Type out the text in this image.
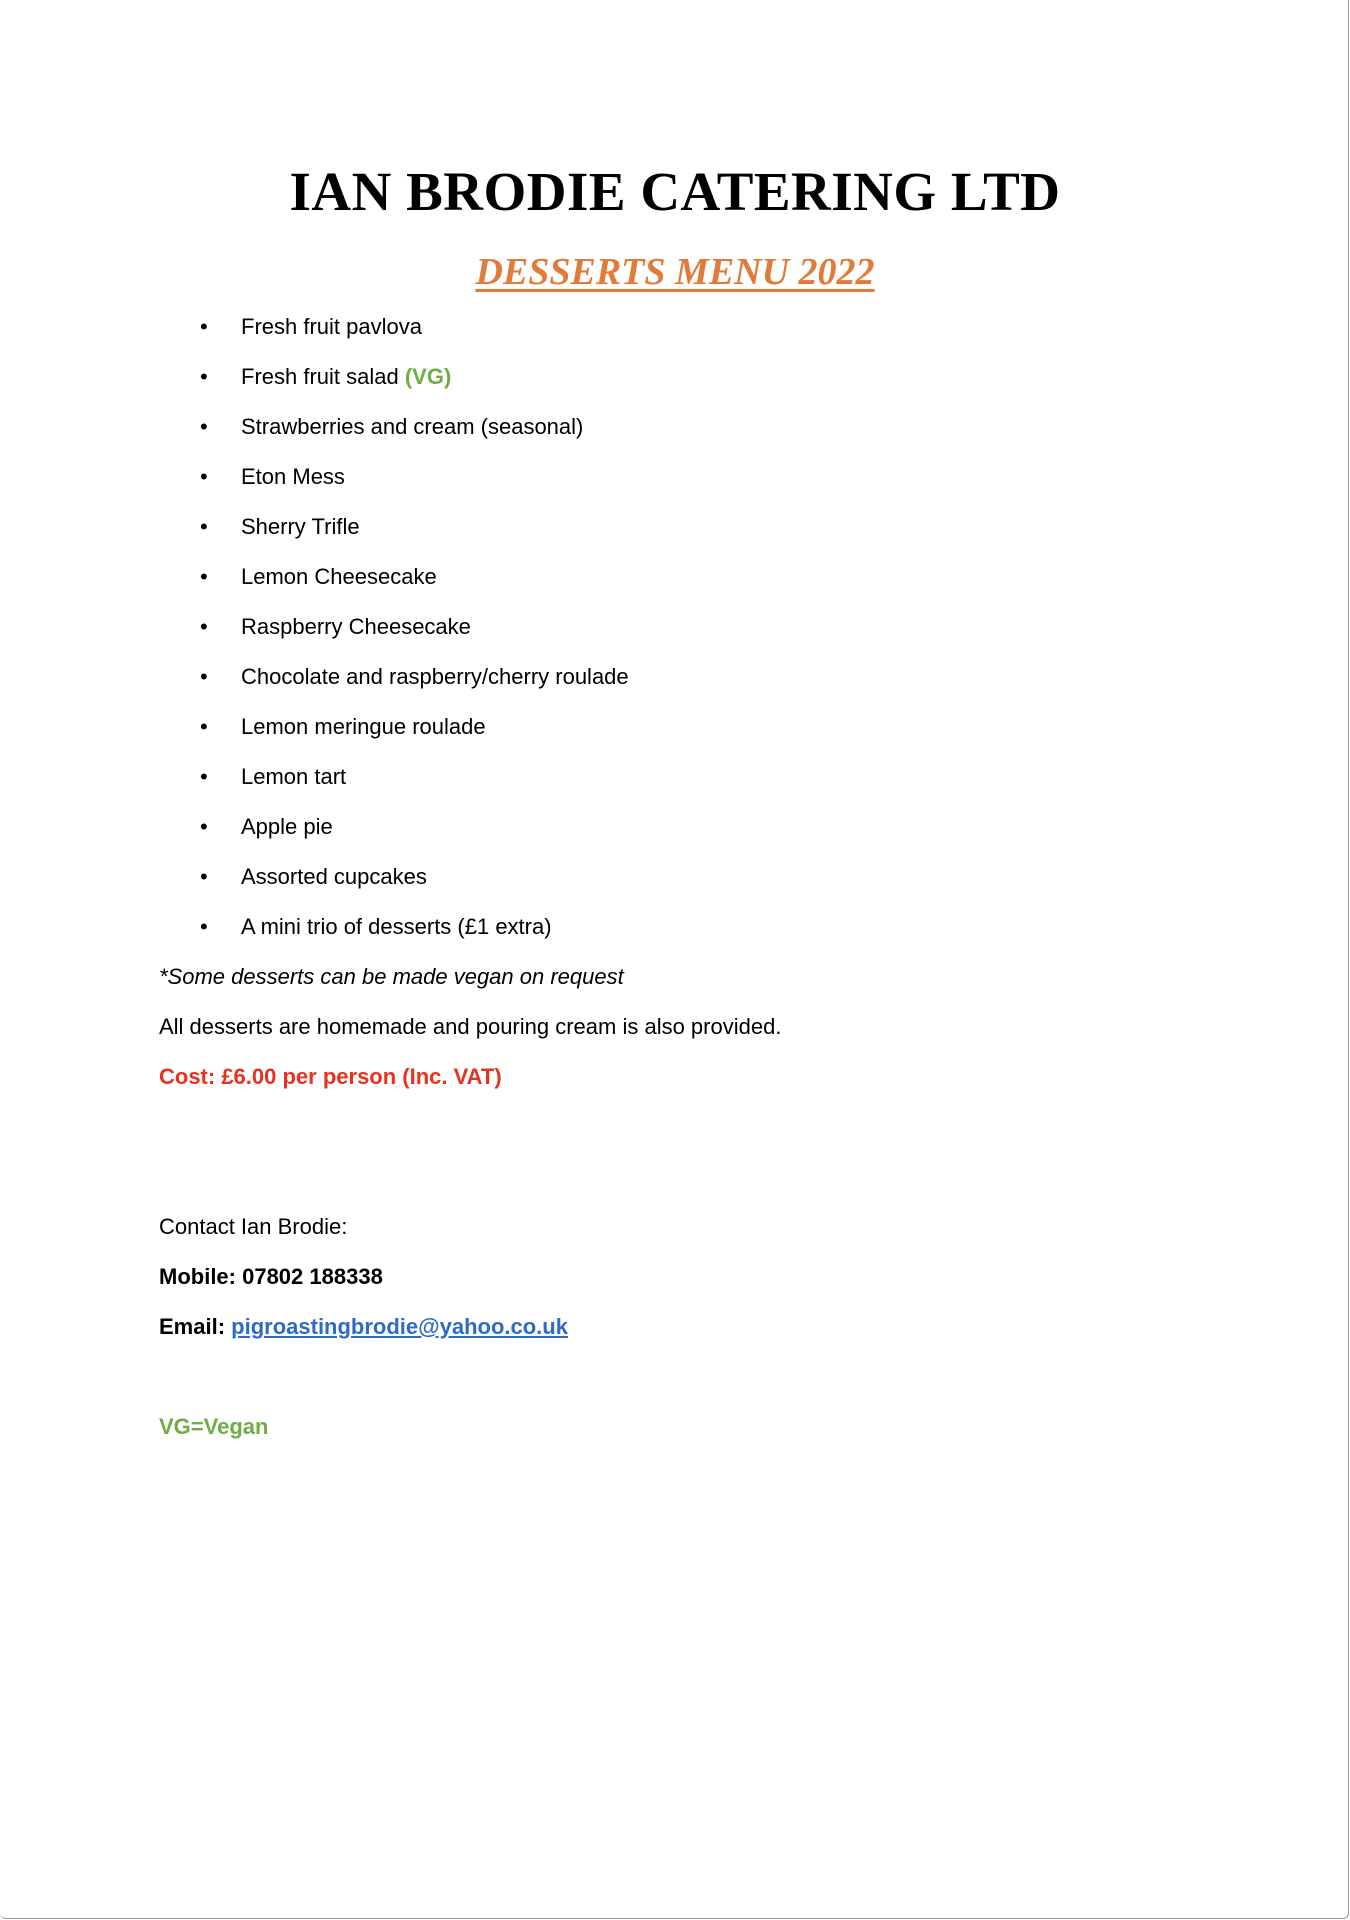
IAN BRODIE CATERING LTD
DESSERTS MENU 2022
• Fresh fruit pavlova
• Fresh fruit salad (VG)
• Strawberries and cream (seasonal)
• Eton Mess
• Sherry Trifle
• Lemon Cheesecake
• Raspberry Cheesecake
• Chocolate and raspberry/cherry roulade
• Lemon meringue roulade
• Lemon tart
• Apple pie
• Assorted cupcakes
• A mini trio of desserts (£1 extra)
*Some desserts can be made vegan on request
All desserts are homemade and pouring cream is also provided.
Cost: £6.00 per person (Inc. VAT)
Contact Ian Brodie:
Mobile: 07802 188338
Email: pigroastingbrodie@yahoo.co.uk
VG=Vegan
